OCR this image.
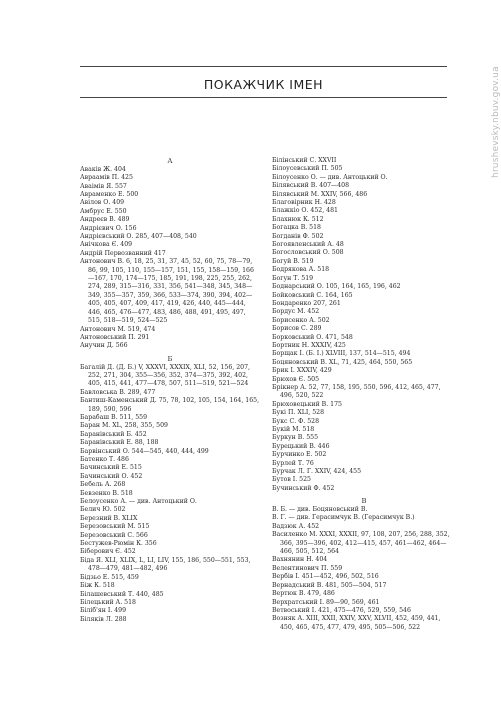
hrushevsky.nbuv.gov.ua
ПОКАЖЧИК ІМЕН
А
Аваків Ж. 404
Авраамів П. 425
Аваімів Я. 557
Авраменко Е. 500
Авілов О. 409
Амбрус Е. 550
Андреєв В. 489
Андрієвич О. 156
Андрієвський О. 285, 407—408, 540
Анічкова Є. 409
Андрій Первозванний 417
Антонович В. 6, 18, 25, 31, 37, 45, 52, 60, 75, 78—79, 86, 99, 105, 110, 155—157, 151, 155, 158—159, 166—167, 170, 174—175, 185, 191, 198, 225, 255, 262, 274, 289, 315—316, 331, 356, 541—348, 345, 348—349, 355—357, 359, 366, 533—374, 390, 394, 402—405, 405, 407, 409, 417, 419, 426, 440, 445—444, 446, 465, 476—477, 483, 486, 488, 491, 495, 497, 515, 518—519, 524—525
Антонович М. 519, 474
Антоновський П. 291
Анучин Д. 566
Б
Багалій Д. (Д. Б.) V, XXXVI, XXXIX, XLI, 52, 156, 207, 252, 271, 304, 355—356, 352, 374—375, 392, 402, 405, 415, 441, 477—478, 507, 511—519, 521—524
Бавловська В. 289, 477
Бантиш-Каменський Д. 75, 78, 102, 105, 154, 164, 165, 189, 590, 596
Барабаш В. 511, 559
Баран М. XL, 258, 355, 509
Баранівський Б. 452
Баранівський Е. 88, 188
Барвінський О. 544—545, 440, 444, 499
Батенко Т. 486
Бачинський Е. 515
Бачинський О. 452
Бебель А. 268
Бевзенко В. 518
Белоусенко А. — див. Антоцький О.
Белич Ю. 502
Березний В. XLIX
Березовський М. 515
Березовський С. 566
Бестужев-Рюмін К. 356
Біберович Є. 452
Біда Я. XLI, XLIX, L, LI, LIV, 155, 186, 550—551, 553, 478—479, 481—482, 496
Бідзьо Е. 515, 459
Біж К. 518
Білашевський Т. 440, 485
Білецький А. 518
Біліб'ян І. 499
Біляків Л. 288
Білінський С. XXVII
Білоусевський П. 505
Білоусенко О. — див. Антоцький О.
Білявський В. 407—408
Білявський М. XXIV, 566, 486
Благовірник Н. 428
Блажкіо О. 452, 481
Блахнюк К. 512
Богацка В. 518
Богданів Ф. 502
Богоявленський А. 48
Богословський О. 508
Богуй В. 519
Бодрякова А. 518
Богун Т. 519
Боднарський О. 105, 164, 165, 196, 462
Бойковський С. 164, 165
Бондаренко 207, 261
Бордус М. 452
Борисенко А. 502
Борисов С. 289
Борковський О. 471, 548
Бортник Н. XXXIV, 425
Борщак І. (Б. І.) XLVIII, 137, 514—515, 494
Боцяновський В. XL, 71, 425, 464, 550, 565
Брик І. XXXIV, 429
Брюхов Є. 505
Брікнер А. 52, 77, 158, 195, 550, 596, 412, 465, 477, 496, 520, 522
Брюховецький В. 175
Букі П. XLI, 528
Букс С. Ф. 528
Букій М. 518
Буркун В. 555
Бурецький В. 446
Бурчинко Е. 502
Бурлей Т. 76
Бурчак Л. Г. XXIV, 424, 455
Бутов І. 525
Бучинський Ф. 452
В
В. Б. — див. Боцяновський В.
В. Г. — див. Герасимчук В. (Герасимчук В.)
Вадзюк А. 452
Василенко М. XXXI, XXXII, 97, 108, 207, 256, 288, 352, 366, 395—396, 402, 412—415, 457, 461—462, 464—466, 505, 512, 564
Вахнянин Н. 404
Велентинович П. 559
Вербів І. 451—452, 496, 502, 516
Вернадський В. 481, 505—504, 517
Вертюк В. 479, 486
Верхратський І. 89—90, 569, 461
Ветвоський І. 421, 475—476, 529, 559, 546
Возняк А. XIII, XXII, XXIV, XXV, XLVII, 452, 459, 441, 450, 465, 475, 477, 479, 495, 505—506, 522
